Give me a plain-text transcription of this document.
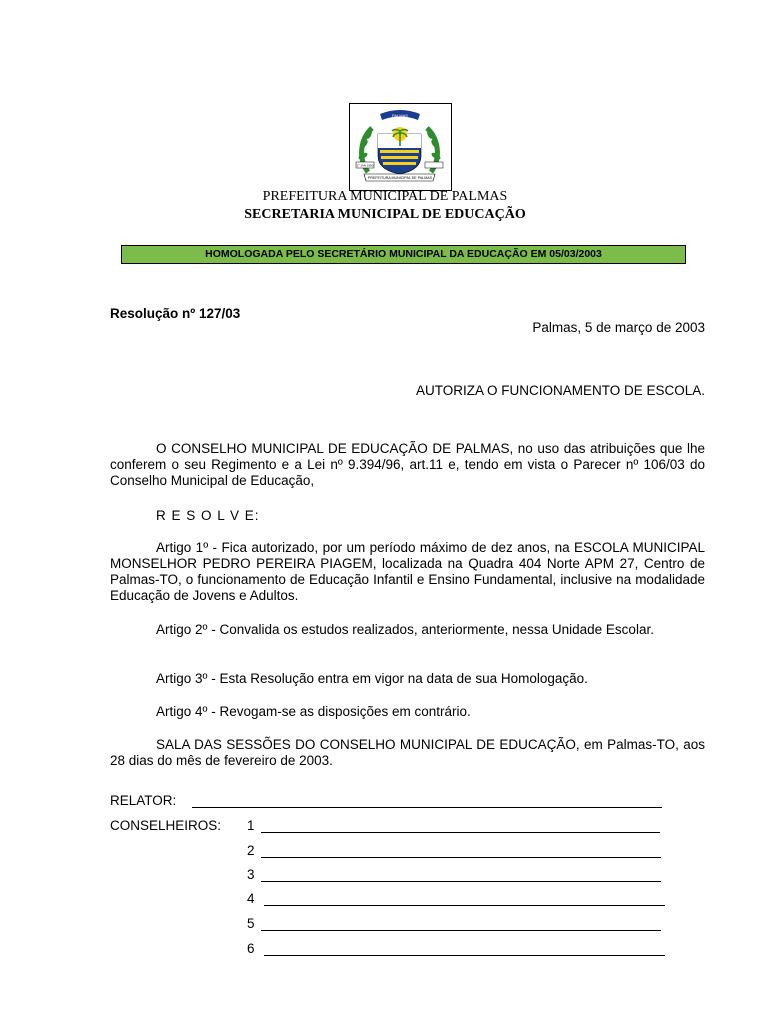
PALMAS
1º JAN 1990
PREFEITURA MUNICIPAL DE PALMAS
PREFEITURA MUNICIPAL DE PALMAS
SECRETARIA MUNICIPAL DE EDUCAÇÃO
HOMOLOGADA PELO SECRETÁRIO MUNICIPAL DA EDUCAÇÃO EM 05/03/2003
Resolução nº 127/03
Palmas, 5 de março de 2003
AUTORIZA O FUNCIONAMENTO DE ESCOLA.

O CONSELHO MUNICIPAL DE EDUCAÇÃO DE PALMAS, no uso das atribuições que lhe conferem o seu Regimento e a Lei nº 9.394/96, art.11 e, tendo em vista o Parecer nº 106/03 do Conselho Municipal de Educação,

R E S O L V E:

Artigo 1º - Fica autorizado, por um período máximo de dez anos, na ESCOLA MUNICIPAL MONSELHOR PEDRO PEREIRA PIAGEM, localizada na Quadra 404 Norte APM 27, Centro de Palmas-TO, o funcionamento de Educação Infantil e Ensino Fundamental, inclusive na modalidade Educação de Jovens e Adultos.

Artigo 2º - Convalida os estudos realizados, anteriormente, nessa Unidade Escolar.

Artigo 3º - Esta Resolução entra em vigor na data de sua Homologação.

Artigo 4º - Revogam-se as disposições em contrário.

SALA DAS SESSÕES DO CONSELHO MUNICIPAL DE EDUCAÇÃO, em Palmas-TO, aos 28 dias do mês de fevereiro de 2003.

RELATOR:
CONSELHEIROS: 1
2
3
4
5
6
